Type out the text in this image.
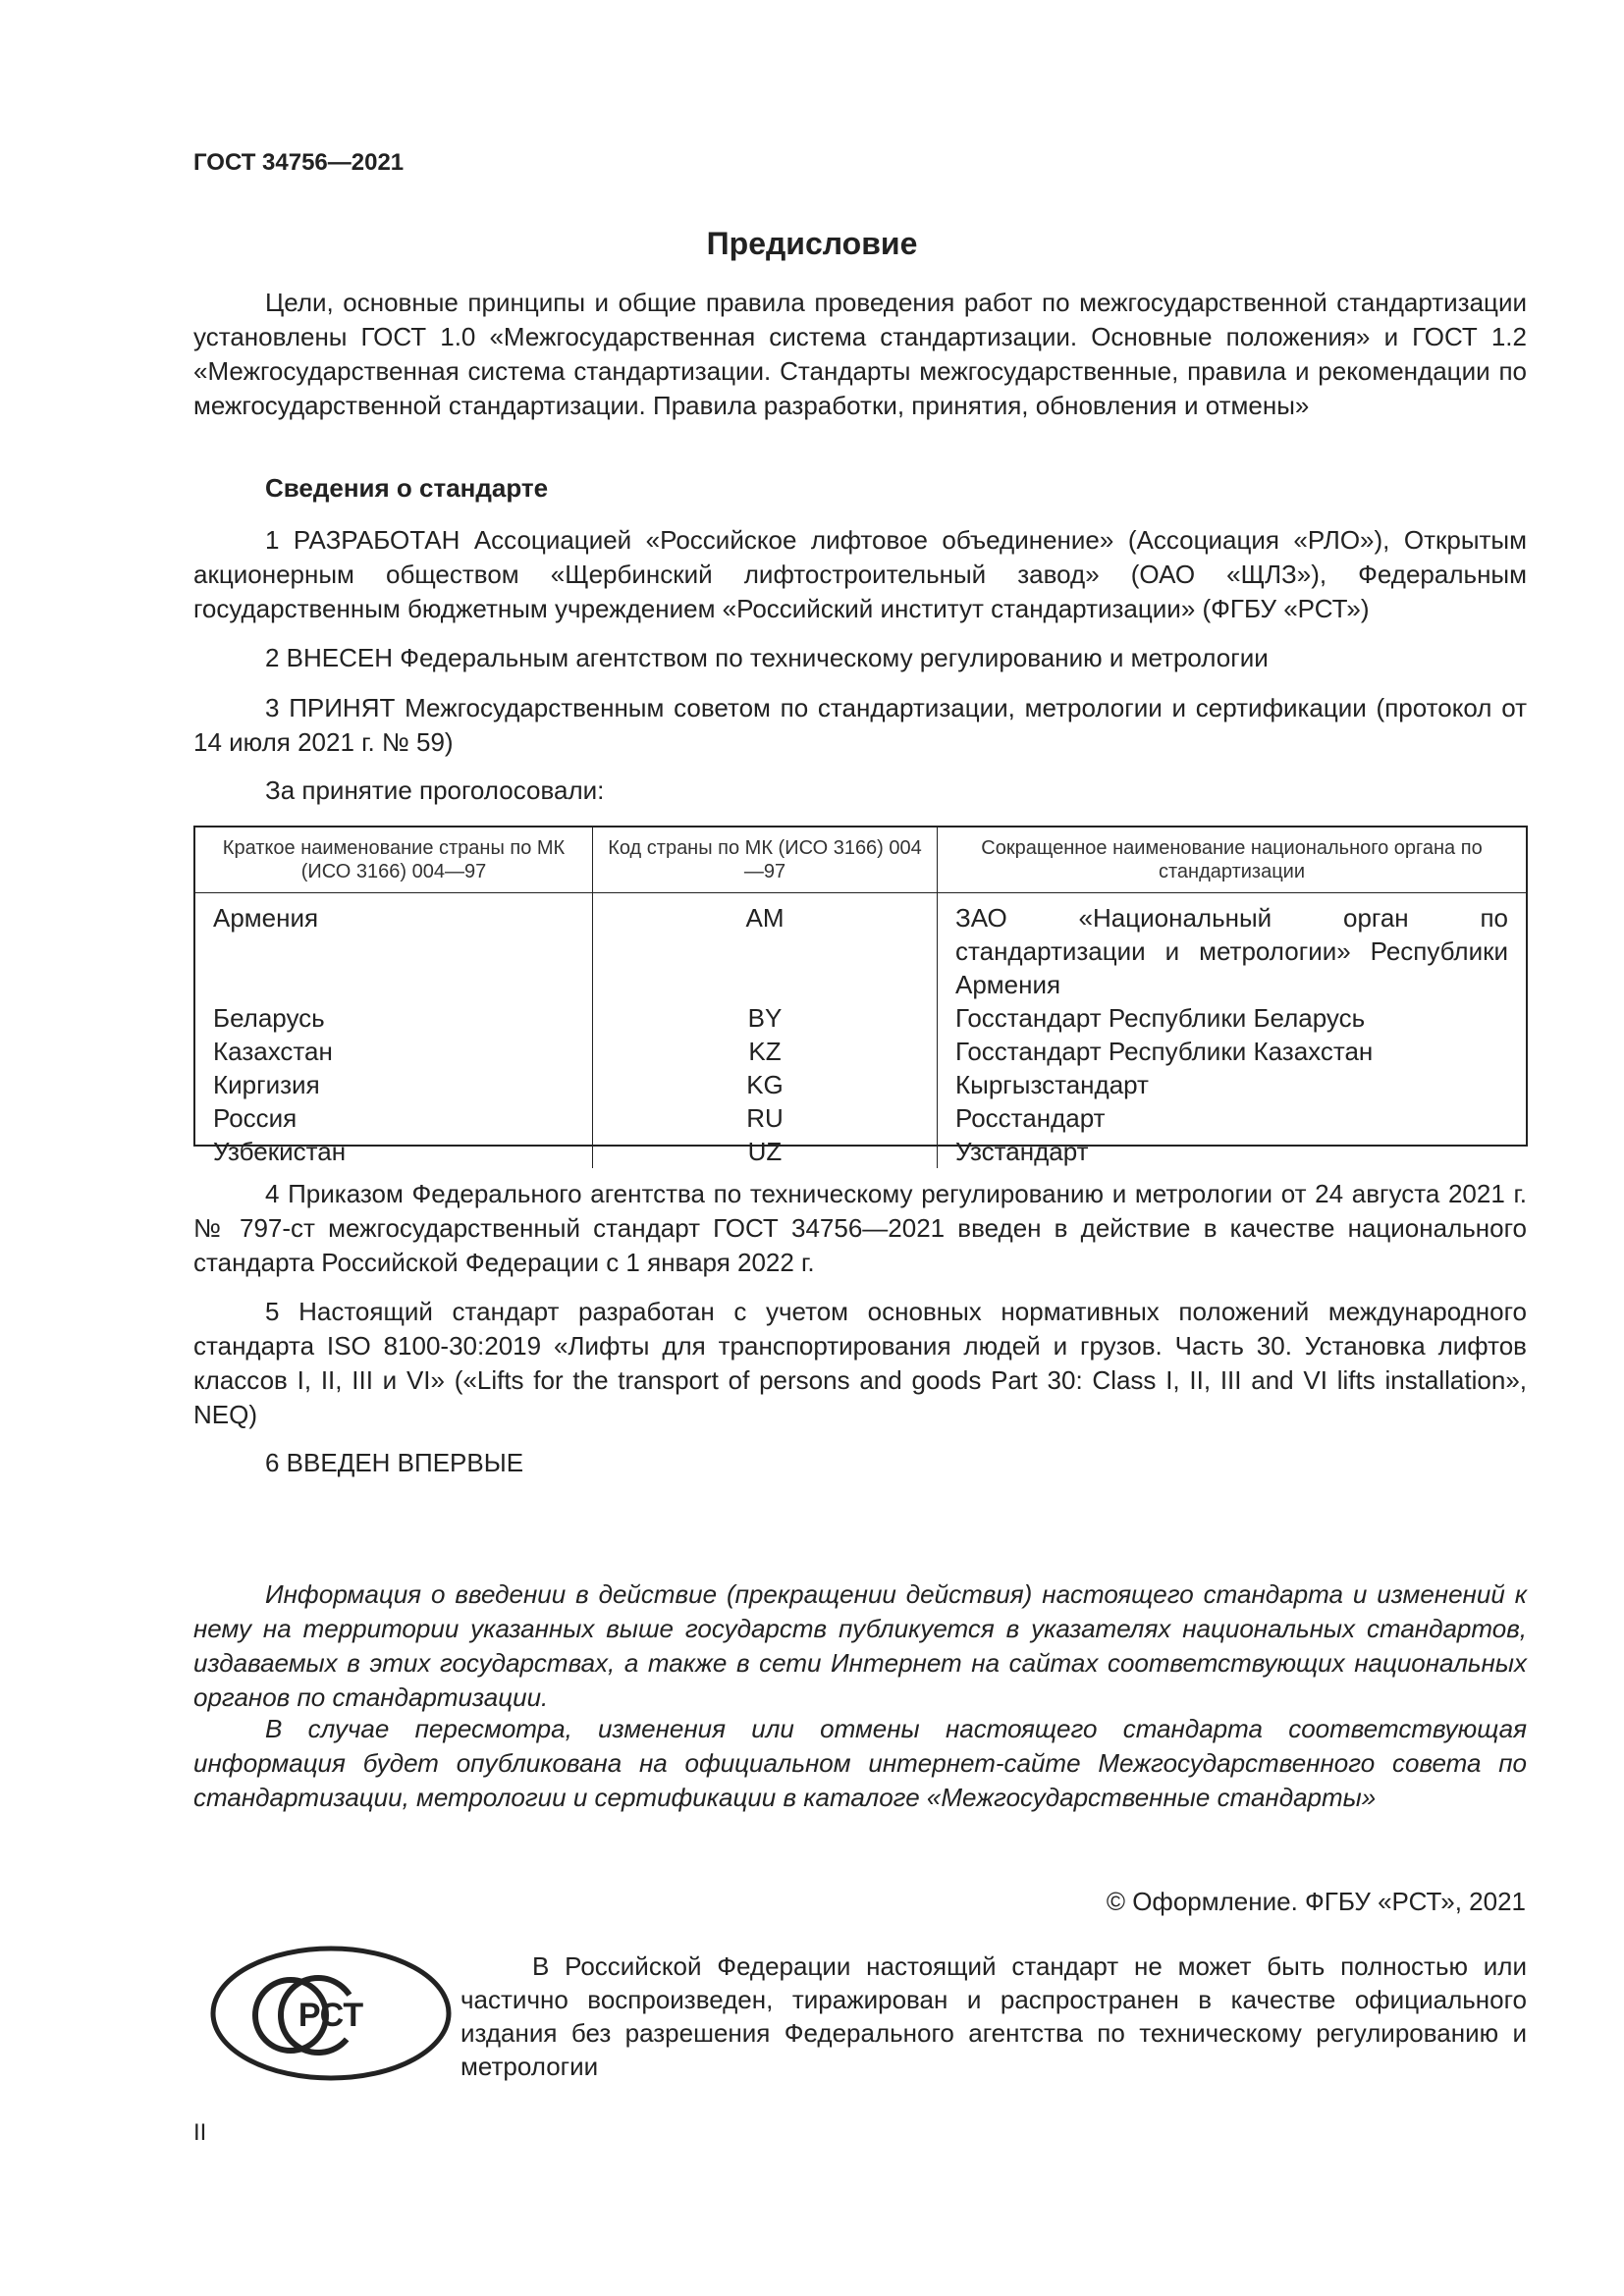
ГОСТ 34756—2021
Предисловие
Цели, основные принципы и общие правила проведения работ по межгосударственной стандартизации установлены ГОСТ 1.0 «Межгосударственная система стандартизации. Основные положения» и ГОСТ 1.2 «Межгосударственная система стандартизации. Стандарты межгосударственные, правила и рекомендации по межгосударственной стандартизации. Правила разработки, принятия, обновления и отмены»
Сведения о стандарте
1 РАЗРАБОТАН Ассоциацией «Российское лифтовое объединение» (Ассоциация «РЛО»), Открытым акционерным обществом «Щербинский лифтостроительный завод» (ОАО «ЩЛЗ»), Федеральным государственным бюджетным учреждением «Российский институт стандартизации» (ФГБУ «РСТ»)
2 ВНЕСЕН Федеральным агентством по техническому регулированию и метрологии
3 ПРИНЯТ Межгосударственным советом по стандартизации, метрологии и сертификации (протокол от 14 июля 2021 г. № 59)
За принятие проголосовали:
Краткое наименование страны по МК (ИСО 3166) 004—97	Код страны по МК (ИСО 3166) 004—97	Сокращенное наименование национального органа по стандартизации
Армения	AM	ЗАО «Национальный орган по стандартизации и метрологии» Республики Армения
Беларусь	BY	Госстандарт Республики Беларусь
Казахстан	KZ	Госстандарт Республики Казахстан
Киргизия	KG	Кыргызстандарт
Россия	RU	Росстандарт
Узбекистан	UZ	Узстандарт
4 Приказом Федерального агентства по техническому регулированию и метрологии от 24 августа 2021 г. № 797-ст межгосударственный стандарт ГОСТ 34756—2021 введен в действие в качестве национального стандарта Российской Федерации с 1 января 2022 г.
5 Настоящий стандарт разработан с учетом основных нормативных положений международного стандарта ISO 8100-30:2019 «Лифты для транспортирования людей и грузов. Часть 30. Установка лифтов классов I, II, III и VI» («Lifts for the transport of persons and goods Part 30: Class I, II, III and VI lifts installation», NEQ)
6 ВВЕДЕН ВПЕРВЫЕ
Информация о введении в действие (прекращении действия) настоящего стандарта и изменений к нему на территории указанных выше государств публикуется в указателях национальных стандартов, издаваемых в этих государствах, а также в сети Интернет на сайтах соответствующих национальных органов по стандартизации.
В случае пересмотра, изменения или отмены настоящего стандарта соответствующая информация будет опубликована на официальном интернет-сайте Межгосударственного совета по стандартизации, метрологии и сертификации в каталоге «Межгосударственные стандарты»
© Оформление. ФГБУ «РСТ», 2021
РСТ
В Российской Федерации настоящий стандарт не может быть полностью или частично воспроизведен, тиражирован и распространен в качестве официального издания без разрешения Федерального агентства по техническому регулированию и метрологии
II
